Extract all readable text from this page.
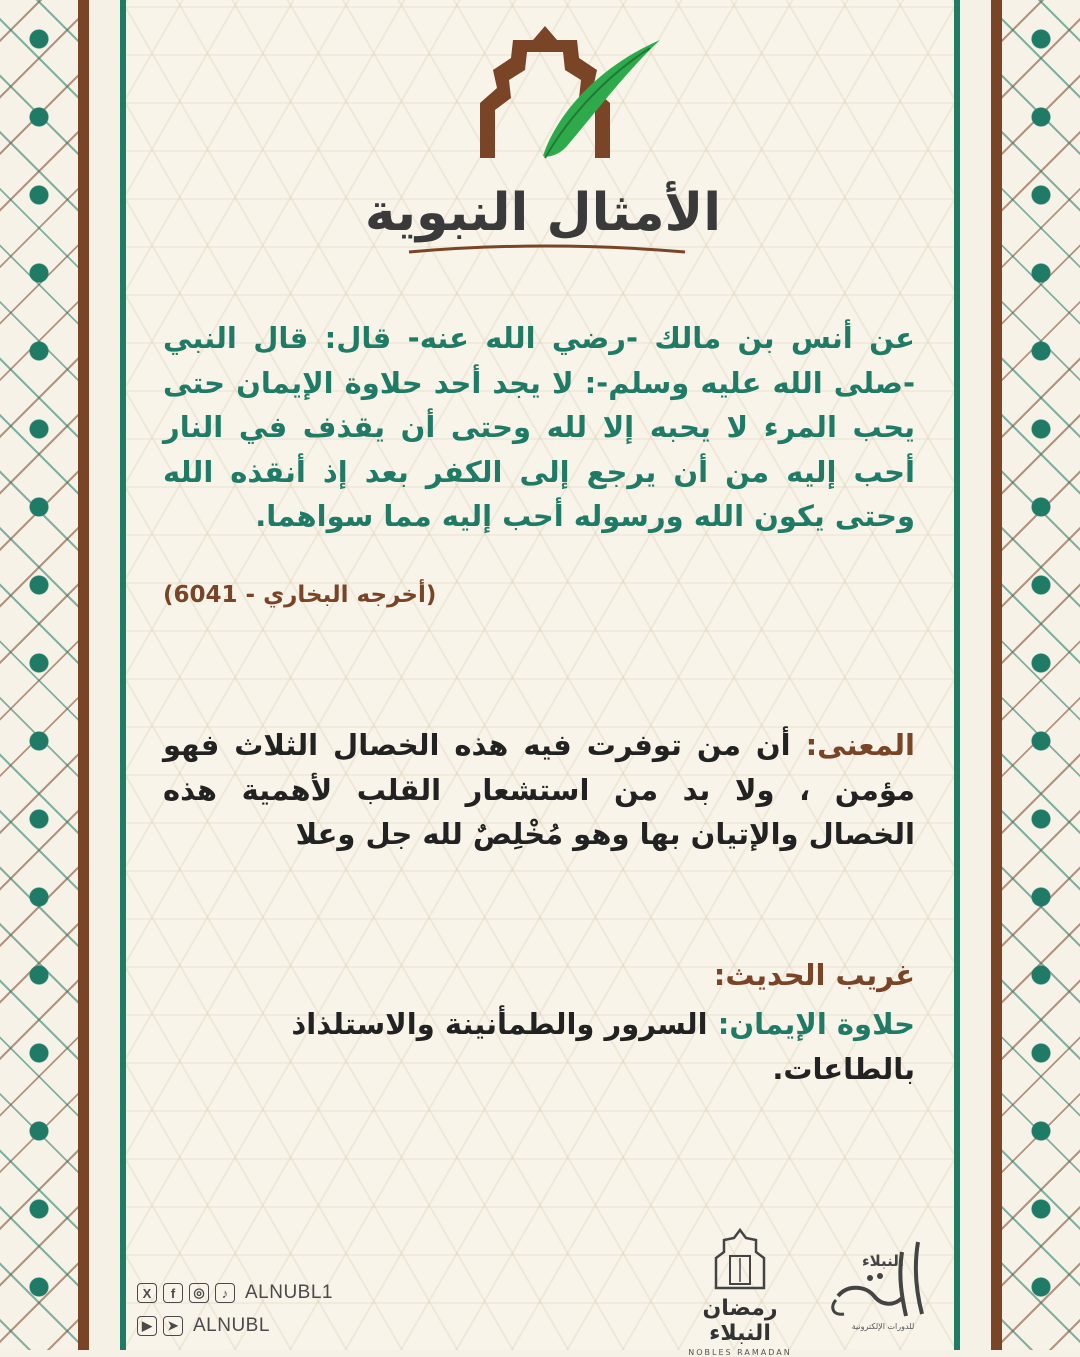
الأمثال النبوية
عن أنس بن مالك -رضي الله عنه- قال: قال النبي -صلى الله عليه وسلم-: لا يجد أحد حلاوة الإيمان حتى يحب المرء لا يحبه إلا لله وحتى أن يقذف في النار أحب إليه من أن يرجع إلى الكفر بعد إذ أنقذه الله وحتى يكون الله ورسوله أحب إليه مما سواهما.
(أخرجه البخاري - 6041)
المعنى: أن من توفرت فيه هذه الخصال الثلاث فهو مؤمن ، ولا بد من استشعار القلب لأهمية هذه الخصال والإتيان بها وهو مُخْلِصٌ لله جل وعلا
غريب الحديث:
حلاوة الإيمان: السرور والطمأنينة والاستلذاذ بالطاعات.
X	f	◎	♪ ALNUBL1
▶	➤ ALNUBL
رمضان النبلاء
NOBLES RAMADAN
النبلاء
للدورات الإلكترونية
